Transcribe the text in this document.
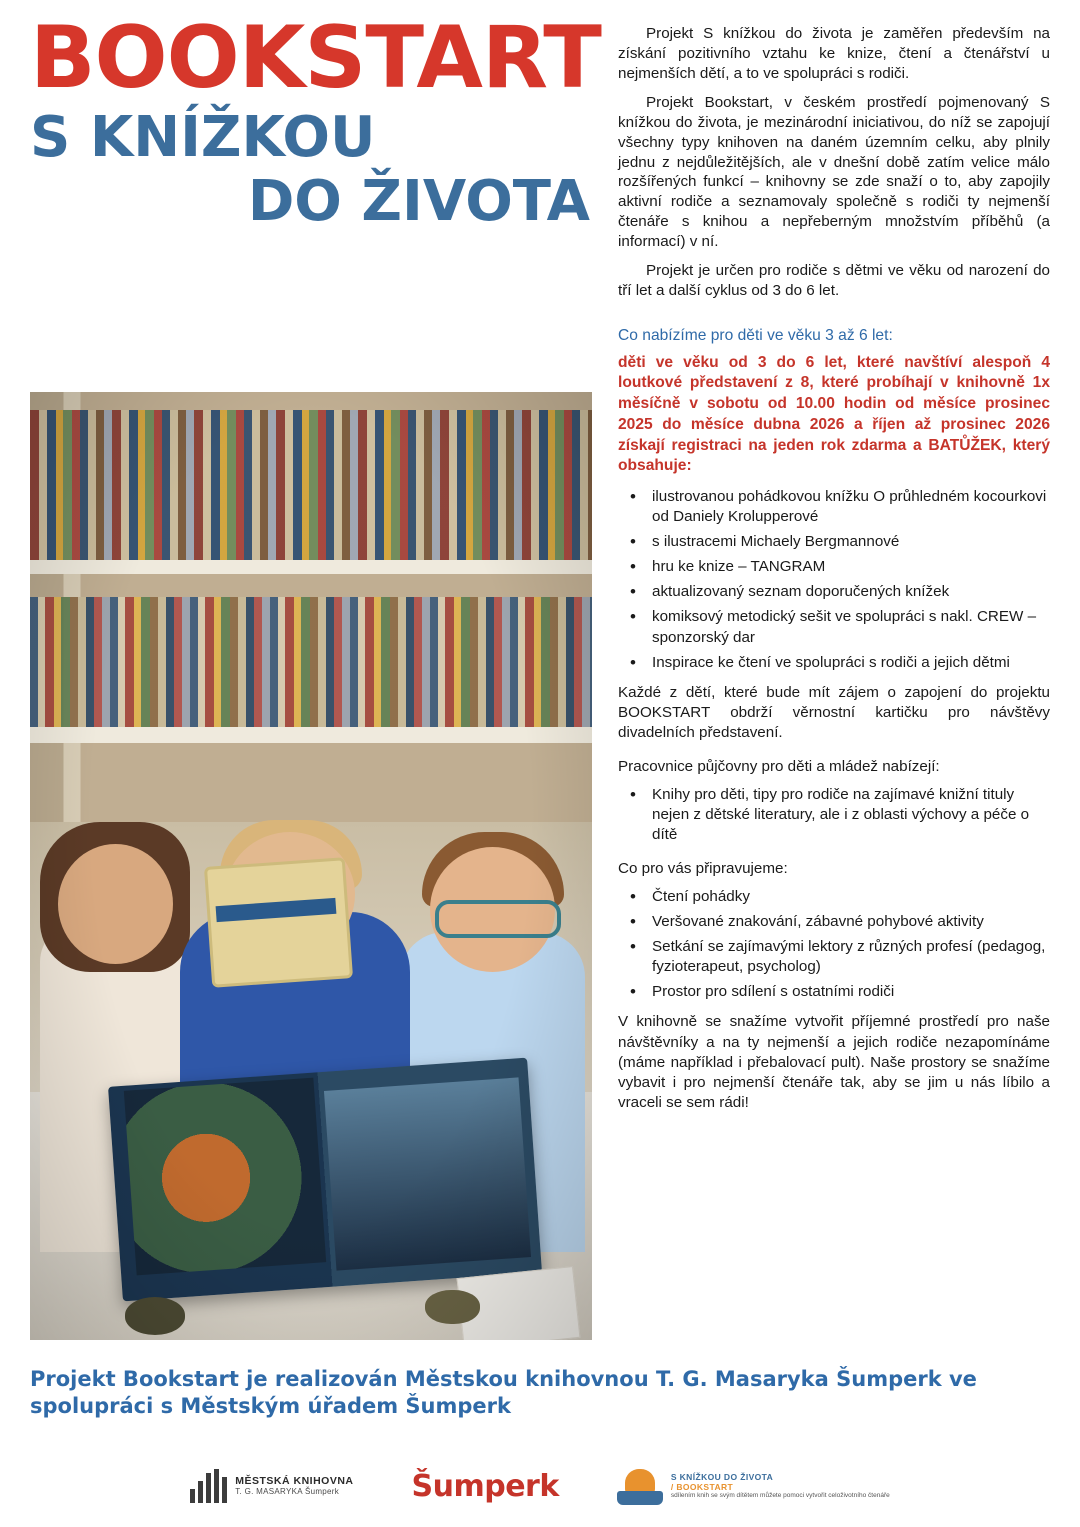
BOOKSTART
S KNÍŽKOU
DO ŽIVOTA

Projekt S knížkou do života je zaměřen především na získání pozitivního vztahu ke knize, čtení a čtenářství u nejmenších dětí, a to ve spolupráci s rodiči.

Projekt Bookstart, v českém prostředí pojmenovaný S knížkou do života, je mezinárodní iniciativou, do níž se zapojují všechny typy knihoven na daném územním celku, aby plnily jednu z nejdůležitějších, ale v dnešní době zatím velice málo rozšířených funkcí – knihovny se zde snaží o to, aby zapojily aktivní rodiče a seznamovaly společně s rodiči ty nejmenší čtenáře s knihou a nepřeberným množstvím příběhů (a informací) v ní.

Projekt je určen pro rodiče s dětmi ve věku od narození do tří let a další cyklus od 3 do 6 let.

Co nabízíme pro děti ve věku 3 až 6 let:
děti ve věku od 3 do 6 let, které navštíví alespoň 4 loutkové představení z 8, které probíhají v knihovně 1x měsíčně v sobotu od 10.00 hodin od měsíce prosinec 2025 do měsíce dubna 2026 a říjen až prosinec 2026 získají registraci na jeden rok zdarma a BATŮŽEK, který obsahuje:
• ilustrovanou pohádkovou knížku O průhledném kocourkovi od Daniely Krolupperové
• s ilustracemi Michaely Bergmannové
• hru ke knize – TANGRAM
• aktualizovaný seznam doporučených knížek
• komiksový metodický sešit ve spolupráci s nakl. CREW – sponzorský dar
• Inspirace ke čtení ve spolupráci s rodiči a jejich dětmi

Každé z dětí, které bude mít zájem o zapojení do projektu BOOKSTART obdrží věrnostní kartičku pro návštěvy divadelních představení.

Pracovnice půjčovny pro děti a mládež nabízejí:
• Knihy pro děti, tipy pro rodiče na zajímavé knižní tituly nejen z dětské literatury, ale i z oblasti výchovy a péče o dítě
Co pro vás připravujeme:
• Čtení pohádky
• Veršované znakování, zábavné pohybové aktivity
• Setkání se zajímavými lektory z různých profesí (pedagog, fyzioterapeut, psycholog)
• Prostor pro sdílení s ostatními rodiči

V knihovně se snažíme vytvořit příjemné prostředí pro naše návštěvníky a na ty nejmenší a jejich rodiče nezapomínáme (máme například i přebalovací pult). Naše prostory se snažíme vybavit i pro nejmenší čtenáře tak, aby se jim u nás líbilo a vraceli se sem rádi!

Projekt Bookstart je realizován Městskou knihovnou T. G. Masaryka Šumperk ve spolupráci s Městským úřadem Šumperk
MĚSTSKÁ KNIHOVNA
T. G. MASARYKA Šumperk	Šumperk	S KNÍŽKOU DO ŽIVOTA
/ BOOKSTART
sdílením knih se svým dítětem můžete pomoci vytvořit celoživotního čtenáře
